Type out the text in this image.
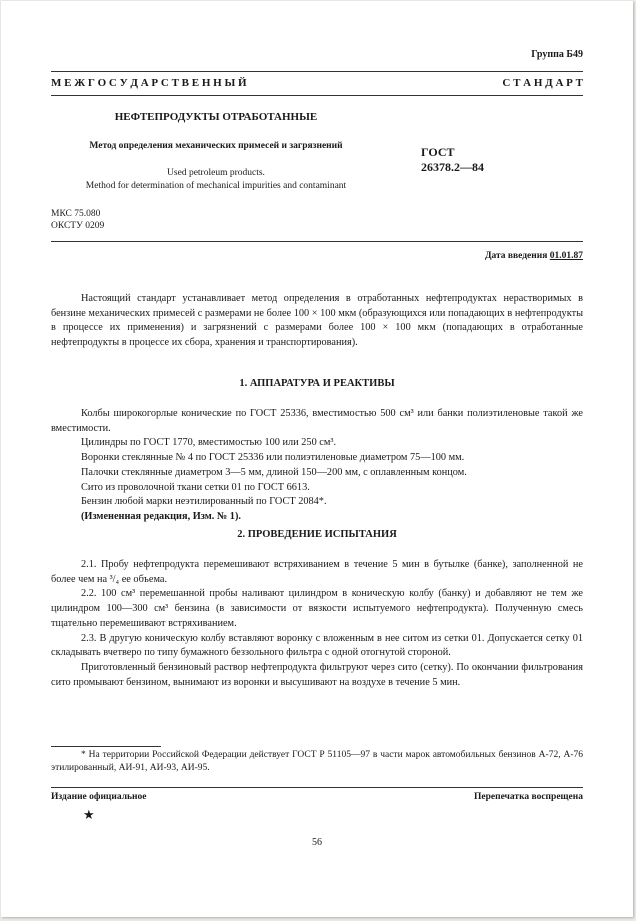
Группа Б49
М Е Ж Г О С У Д А Р С Т В Е Н Н Ы Й	С Т А Н Д А Р Т
НЕФТЕПРОДУКТЫ ОТРАБОТАННЫЕ
Метод определения механических примесей и загрязнений
Used petroleum products.
Method for determination of mechanical impurities and contaminant
ГОСТ
26378.2—84
МКС 75.080
ОКСТУ 0209
Дата введения 01.01.87

Настоящий стандарт устанавливает метод определения в отработанных нефтепродуктах нерастворимых в бензине механических примесей с размерами не более 100 × 100 мкм (образующихся или попадающих в нефтепродукты в процессе их применения) и загрязнений с размерами более 100 × 100 мкм (попадающих в отработанные нефтепродукты в процессе их сбора, хранения и транспортирования).

1. АППАРАТУРА И РЕАКТИВЫ

Колбы широкогорлые конические по ГОСТ 25336, вместимостью 500 см³ или банки полиэтиленовые такой же вместимости.

Цилиндры по ГОСТ 1770, вместимостью 100 или 250 см³.

Воронки стеклянные № 4 по ГОСТ 25336 или полиэтиленовые диаметром 75—100 мм.

Палочки стеклянные диаметром 3—5 мм, длиной 150—200 мм, с оплавленным концом.

Сито из проволочной ткани сетки 01 по ГОСТ 6613.

Бензин любой марки неэтилированный по ГОСТ 2084*.

(Измененная редакция, Изм. № 1).

2. ПРОВЕДЕНИЕ ИСПЫТАНИЯ

2.1. Пробу нефтепродукта перемешивают встряхиванием в течение 5 мин в бутылке (банке), заполненной не более чем на ³/₄ ее объема.

2.2. 100 см³ перемешанной пробы наливают цилиндром в коническую колбу (банку) и добавляют не тем же цилиндром 100—300 см³ бензина (в зависимости от вязкости испытуемого нефтепродукта). Полученную смесь тщательно перемешивают встряхиванием.

2.3. В другую коническую колбу вставляют воронку с вложенным в нее ситом из сетки 01. Допускается сетку 01 складывать вчетверо по типу бумажного беззольного фильтра с одной отогнутой стороной.

Приготовленный бензиновый раствор нефтепродукта фильтруют через сито (сетку). По окончании фильтрования сито промывают бензином, вынимают из воронки и высушивают на воздухе в течение 5 мин.

* На территории Российской Федерации действует ГОСТ Р 51105—97 в части марок автомобильных бензинов А-72, А-76 этилированный, АИ-91, АИ-93, АИ-95.

Издание официальное	Перепечатка воспрещена
★
56
